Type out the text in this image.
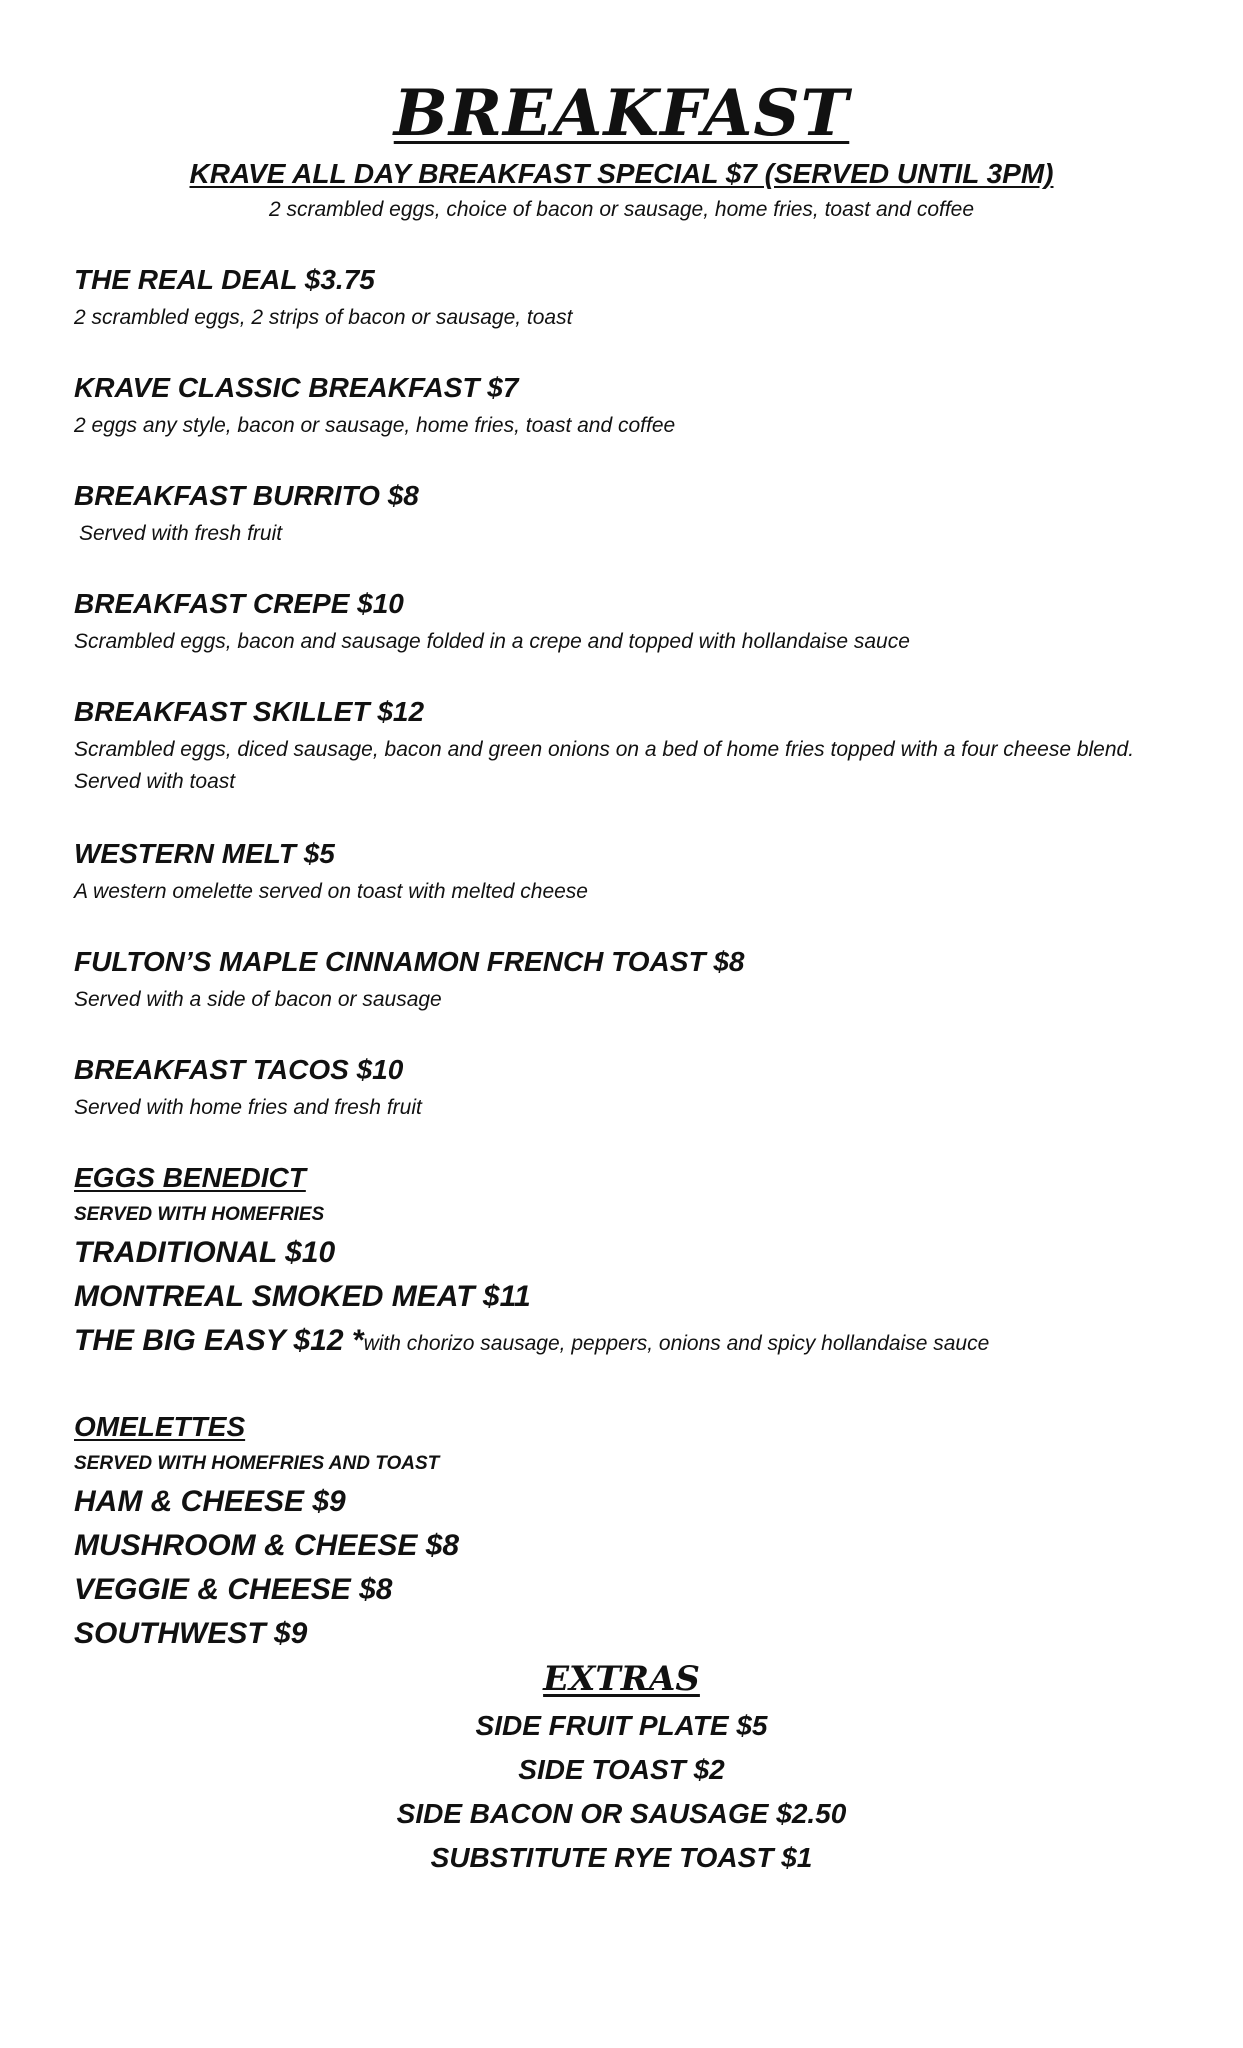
BREAKFAST
KRAVE ALL DAY BREAKFAST SPECIAL $7 (SERVED UNTIL 3PM)
2 scrambled eggs, choice of bacon or sausage, home fries, toast and coffee
THE REAL DEAL $3.75
2 scrambled eggs, 2 strips of bacon or sausage, toast
KRAVE CLASSIC BREAKFAST $7
2 eggs any style, bacon or sausage, home fries, toast and coffee
BREAKFAST BURRITO $8
Served with fresh fruit
BREAKFAST CREPE $10
Scrambled eggs, bacon and sausage folded in a crepe and topped with hollandaise sauce
BREAKFAST SKILLET $12
Scrambled eggs, diced sausage, bacon and green onions on a bed of home fries topped with a four cheese blend. Served with toast
WESTERN MELT $5
A western omelette served on toast with melted cheese
FULTON’S MAPLE CINNAMON FRENCH TOAST $8
Served with a side of bacon or sausage
BREAKFAST TACOS $10
Served with home fries and fresh fruit
EGGS BENEDICT
SERVED WITH HOMEFRIES
TRADITIONAL $10
MONTREAL SMOKED MEAT $11
THE BIG EASY $12 *with chorizo sausage, peppers, onions and spicy hollandaise sauce
OMELETTES
SERVED WITH HOMEFRIES AND TOAST
HAM & CHEESE $9
MUSHROOM & CHEESE $8
VEGGIE & CHEESE $8
SOUTHWEST $9
EXTRAS
SIDE FRUIT PLATE $5
SIDE TOAST $2
SIDE BACON OR SAUSAGE $2.50
SUBSTITUTE RYE TOAST $1
